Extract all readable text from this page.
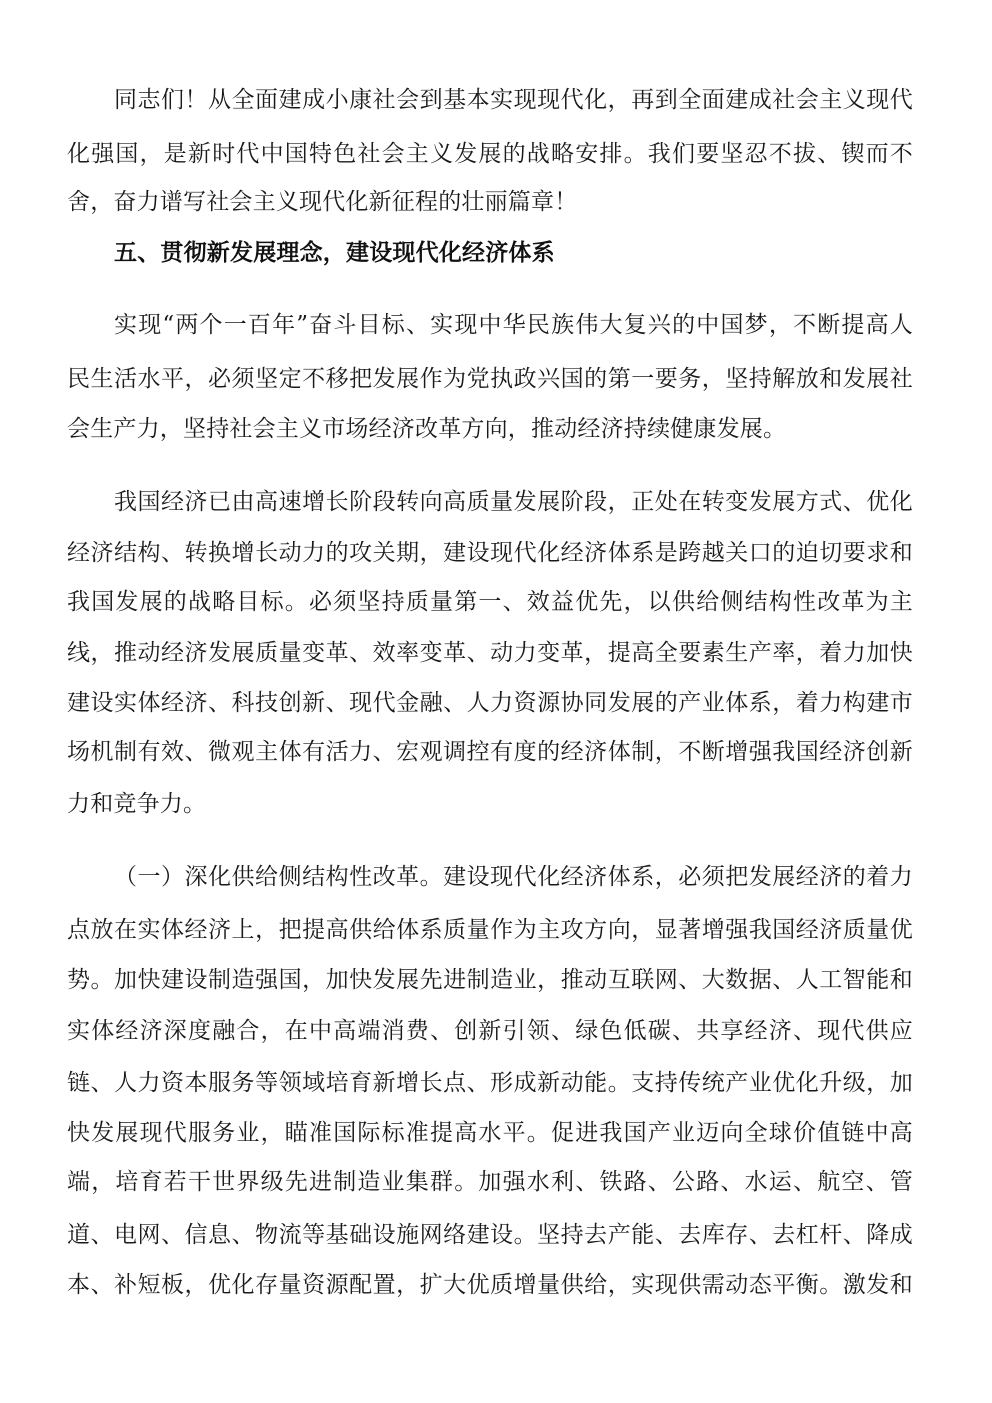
同志们！从全面建成小康社会到基本实现现代化，再到全面建成社会主义现代
化强国，是新时代中国特色社会主义发展的战略安排。我们要坚忍不拔、锲而不
舍，奋力谱写社会主义现代化新征程的壮丽篇章！
五、贯彻新发展理念，建设现代化经济体系
实现“两个一百年”奋斗目标、实现中华民族伟大复兴的中国梦，不断提高人
民生活水平，必须坚定不移把发展作为党执政兴国的第一要务，坚持解放和发展社
会生产力，坚持社会主义市场经济改革方向，推动经济持续健康发展。
我国经济已由高速增长阶段转向高质量发展阶段，正处在转变发展方式、优化
经济结构、转换增长动力的攻关期，建设现代化经济体系是跨越关口的迫切要求和
我国发展的战略目标。必须坚持质量第一、效益优先，以供给侧结构性改革为主
线，推动经济发展质量变革、效率变革、动力变革，提高全要素生产率，着力加快
建设实体经济、科技创新、现代金融、人力资源协同发展的产业体系，着力构建市
场机制有效、微观主体有活力、宏观调控有度的经济体制，不断增强我国经济创新
力和竞争力。
（一）深化供给侧结构性改革。建设现代化经济体系，必须把发展经济的着力
点放在实体经济上，把提高供给体系质量作为主攻方向，显著增强我国经济质量优
势。加快建设制造强国，加快发展先进制造业，推动互联网、大数据、人工智能和
实体经济深度融合，在中高端消费、创新引领、绿色低碳、共享经济、现代供应
链、人力资本服务等领域培育新增长点、形成新动能。支持传统产业优化升级，加
快发展现代服务业，瞄准国际标准提高水平。促进我国产业迈向全球价值链中高
端，培育若干世界级先进制造业集群。加强水利、铁路、公路、水运、航空、管
道、电网、信息、物流等基础设施网络建设。坚持去产能、去库存、去杠杆、降成
本、补短板，优化存量资源配置，扩大优质增量供给，实现供需动态平衡。激发和
